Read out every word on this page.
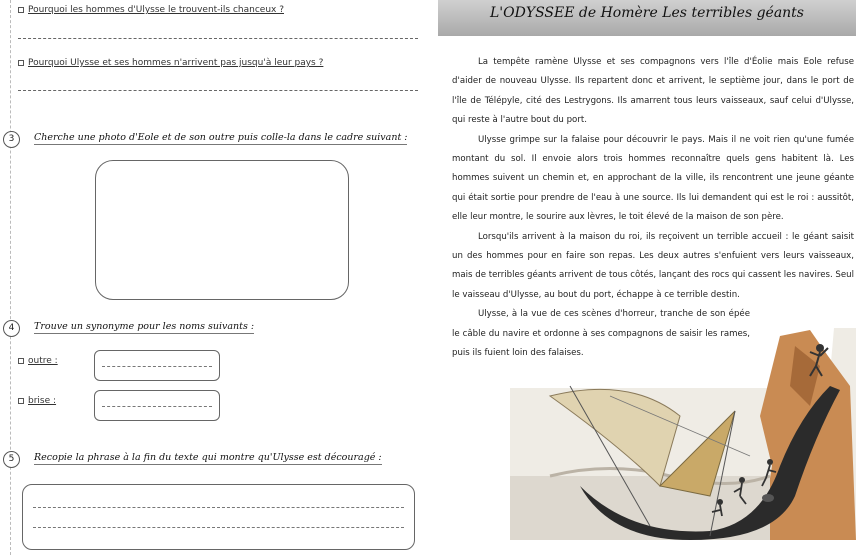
Pourquoi les hommes d'Ulysse le trouvent-ils chanceux ?
Pourquoi Ulysse et ses hommes n'arrivent pas jusqu'à leur pays ?
3	Cherche une photo d'Eole et de son outre puis colle-la dans le cadre suivant :
4	Trouve un synonyme pour les noms suivants :
outre :
brise :
5	Recopie la phrase à la fin du texte qui montre qu'Ulysse est découragé :
L'ODYSSEE de Homère Les terribles géants

La tempête ramène Ulysse et ses compagnons vers l'île d'Éolie mais Eole refuse d'aider de nouveau Ulysse. Ils repartent donc et arrivent, le septième jour, dans le port de l'île de Télépyle, cité des Lestrygons. Ils amarrent tous leurs vaisseaux, sauf celui d'Ulysse, qui reste à l'autre bout du port.

Ulysse grimpe sur la falaise pour découvrir le pays. Mais il ne voit rien qu'une fumée montant du sol. Il envoie alors trois hommes reconnaître quels gens habitent là. Les hommes suivent un chemin et, en approchant de la ville, ils rencontrent une jeune géante qui était sortie pour prendre de l'eau à une source. Ils lui demandent qui est le roi : aussitôt, elle leur montre, le sourire aux lèvres, le toit élevé de la maison de son père.

Lorsqu'ils arrivent à la maison du roi, ils reçoivent un terrible accueil : le géant saisit un des hommes pour en faire son repas. Les deux autres s'enfuient vers leurs vaisseaux, mais de terribles géants arrivent de tous côtés, lançant des rocs qui cassent les navires. Seul le vaisseau d'Ulysse, au bout du port, échappe à ce terrible destin.

Ulysse, à la vue de ces scènes d'horreur, tranche de son épée le câble du navire et ordonne à ses compagnons de saisir les rames, puis ils fuient loin des falaises.
